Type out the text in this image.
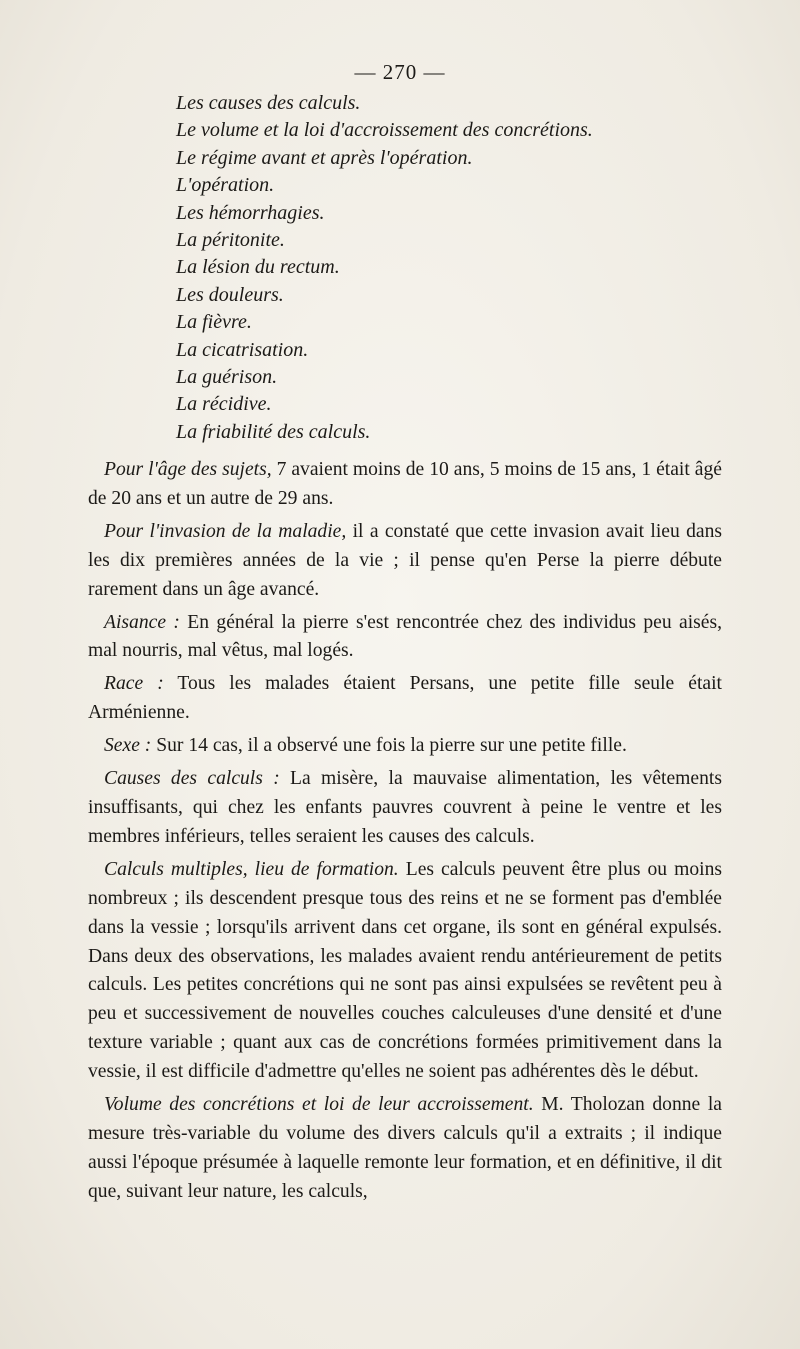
— 270 —
Les causes des calculs.
Le volume et la loi d'accroissement des concrétions.
Le régime avant et après l'opération.
L'opération.
Les hémorrhagies.
La péritonite.
La lésion du rectum.
Les douleurs.
La fièvre.
La cicatrisation.
La guérison.
La récidive.
La friabilité des calculs.

Pour l'âge des sujets, 7 avaient moins de 10 ans, 5 moins de 15 ans, 1 était âgé de 20 ans et un autre de 29 ans.

Pour l'invasion de la maladie, il a constaté que cette invasion avait lieu dans les dix premières années de la vie ; il pense qu'en Perse la pierre débute rarement dans un âge avancé.

Aisance : En général la pierre s'est rencontrée chez des individus peu aisés, mal nourris, mal vêtus, mal logés.

Race : Tous les malades étaient Persans, une petite fille seule était Arménienne.

Sexe : Sur 14 cas, il a observé une fois la pierre sur une petite fille.

Causes des calculs : La misère, la mauvaise alimentation, les vêtements insuffisants, qui chez les enfants pauvres couvrent à peine le ventre et les membres inférieurs, telles seraient les causes des calculs.

Calculs multiples, lieu de formation. Les calculs peuvent être plus ou moins nombreux ; ils descendent presque tous des reins et ne se forment pas d'emblée dans la vessie ; lorsqu'ils arrivent dans cet organe, ils sont en général expulsés. Dans deux des observations, les malades avaient rendu antérieurement de petits calculs. Les petites concrétions qui ne sont pas ainsi expulsées se revêtent peu à peu et successivement de nouvelles couches calculeuses d'une densité et d'une texture variable ; quant aux cas de concrétions formées primitivement dans la vessie, il est difficile d'admettre qu'elles ne soient pas adhérentes dès le début.

Volume des concrétions et loi de leur accroissement. M. Tholozan donne la mesure très-variable du volume des divers calculs qu'il a extraits ; il indique aussi l'époque présumée à laquelle remonte leur formation, et en définitive, il dit que, suivant leur nature, les calculs,
